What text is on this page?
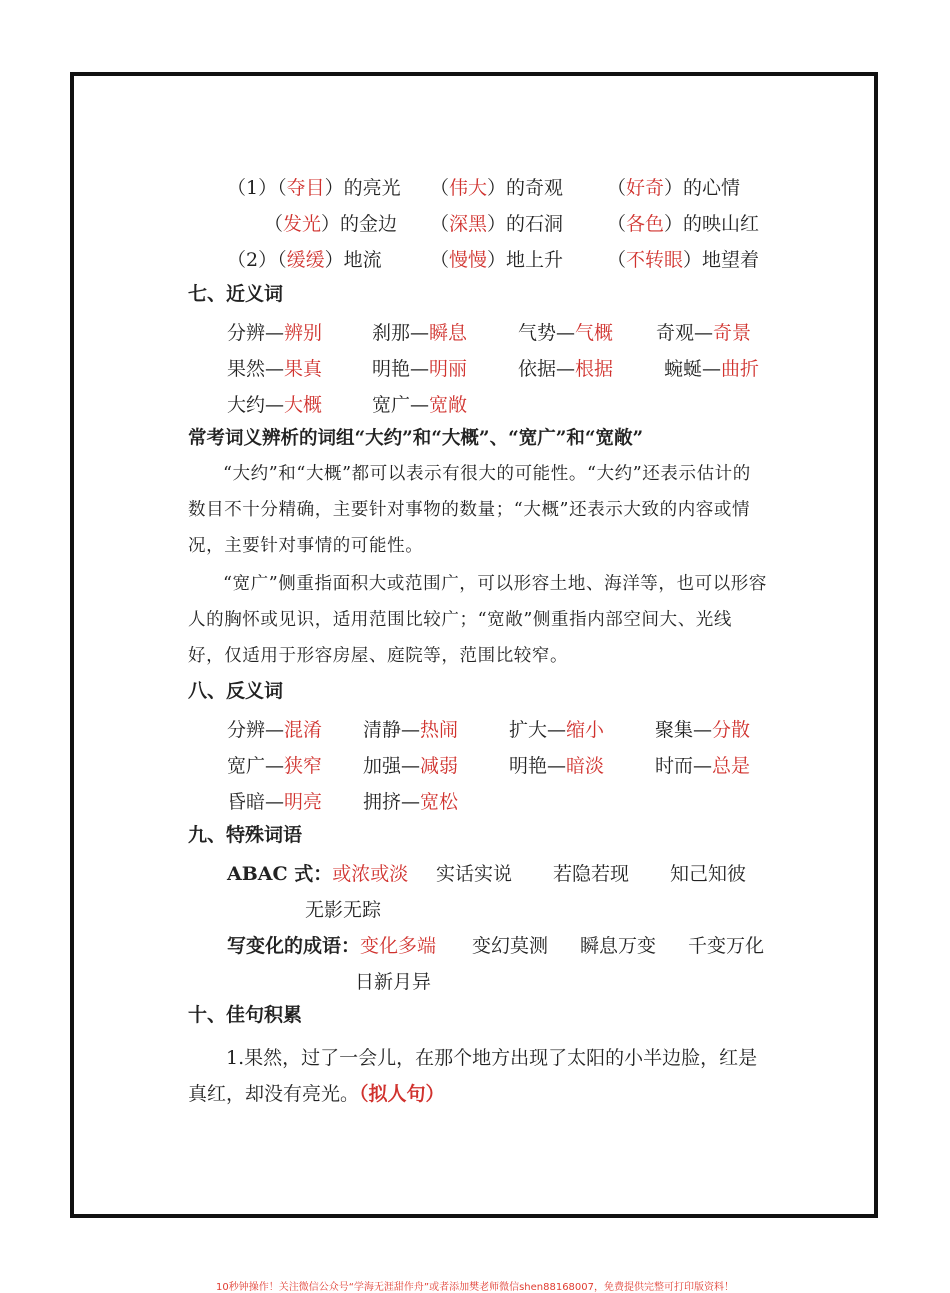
（1）（夺目）的亮光 （伟大）的奇观 （好奇）的心情
（发光）的金边 （深黑）的石洞 （各色）的映山红
（2）（缓缓）地流	（慢慢）地上升 （不转眼）地望着
七、近义词
分辨—辨别	刹那—瞬息	气势—气概 奇观—奇景
果然—果真	明艳—明丽	依据—根据	蜿蜒—曲折
大约—大概	宽广—宽敞
常考词义辨析的词组“大约”和“大概”、“宽广”和“宽敞”
“大约”和“大概”都可以表示有很大的可能性。“大约”还表示估计的数目不十分精确，主要针对事物的数量；“大概”还表示大致的内容或情况，主要针对事情的可能性。
“宽广”侧重指面积大或范围广，可以形容土地、海洋等，也可以形容人的胸怀或见识，适用范围比较广；“宽敞”侧重指内部空间大、光线好，仅适用于形容房屋、庭院等，范围比较窄。
八、反义词
分辨—混淆 清静—热闹	扩大—缩小	聚集—分散
宽广—狭窄 加强—减弱	明艳—暗淡	时而—总是
昏暗—明亮 拥挤—宽松
九、特殊词语
ABAC 式：或浓或淡 实话实说 若隐若现 知己知彼
无影无踪
写变化的成语：变化多端 变幻莫测 瞬息万变 千变万化
日新月异
十、佳句积累
1.果然，过了一会儿，在那个地方出现了太阳的小半边脸，红是真红，却没有亮光。（拟人句）
10秒钟操作！关注微信公众号“学海无涯甜作舟”或者添加樊老师微信shen88168007，免费提供完整可打印版资料！
